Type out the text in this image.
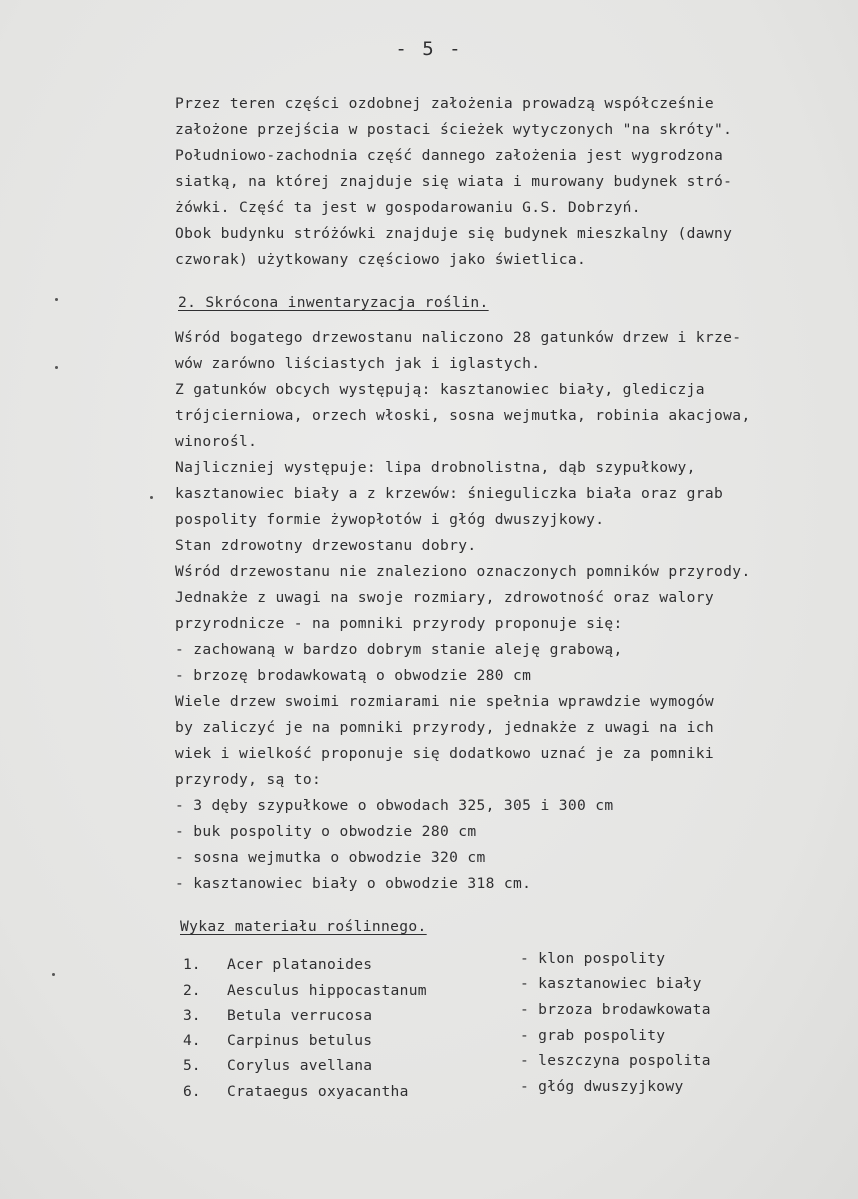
- 5 -
Przez teren części ozdobnej założenia prowadzą współcześnie
założone przejścia w postaci ścieżek wytyczonych "na skróty".
Południowo-zachodnia część dannego założenia jest wygrodzona
siatką, na której znajduje się wiata i murowany budynek stró-
żówki. Część ta jest w gospodarowaniu G.S. Dobrzyń.
Obok budynku stróżówki znajduje się budynek mieszkalny (dawny
czworak) użytkowany częściowo jako świetlica.
2. Skrócona inwentaryzacja roślin.
Wśród bogatego drzewostanu naliczono 28 gatunków drzew i krze-
wów zarówno liściastych jak i iglastych.
Z gatunków obcych występują: kasztanowiec biały, glediczja
trójcierniowa, orzech włoski, sosna wejmutka, robinia akacjowa,
winorośl.
Najliczniej występuje: lipa drobnolistna, dąb szypułkowy,
kasztanowiec biały a z krzewów: śnieguliczka biała oraz grab
pospolity formie żywopłotów i głóg dwuszyjkowy.
Stan zdrowotny drzewostanu dobry.
Wśród drzewostanu nie znaleziono oznaczonych pomników przyrody.
Jednakże z uwagi na swoje rozmiary, zdrowotność oraz walory
przyrodnicze - na pomniki przyrody proponuje się:
- zachowaną w bardzo dobrym stanie aleję grabową,
- brzozę brodawkowatą o obwodzie 280 cm
Wiele drzew swoimi rozmiarami nie spełnia wprawdzie wymogów
by zaliczyć je na pomniki przyrody, jednakże z uwagi na ich
wiek i wielkość proponuje się dodatkowo uznać je za pomniki
przyrody, są to:
- 3 dęby szypułkowe o obwodach 325, 305 i 300 cm
- buk pospolity o obwodzie 280 cm
- sosna wejmutka o obwodzie 320 cm
- kasztanowiec biały o obwodzie 318 cm.
Wykaz materiału roślinnego.
1. Acer platanoides	- klon pospolity
2. Aesculus hippocastanum	- kasztanowiec biały
3. Betula verrucosa	- brzoza brodawkowata
4. Carpinus betulus	- grab pospolity
5. Corylus avellana	- leszczyna pospolita
6. Crataegus oxyacantha	- głóg dwuszyjkowy
